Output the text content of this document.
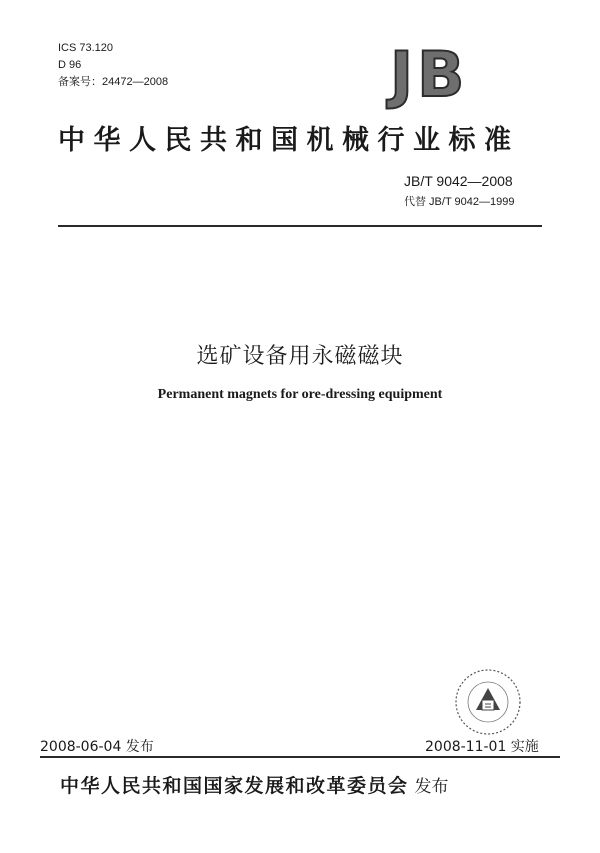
ICS 73.120
D 96
备案号：24472—2008	JB
中华人民共和国机械行业标准
JB/T 9042—2008
代替 JB/T 9042—1999
选矿设备用永磁磁块
Permanent magnets for ore-dressing equipment
2008-06-04 发布	2008-11-01 实施
中华人民共和国国家发展和改革委员会 发布
